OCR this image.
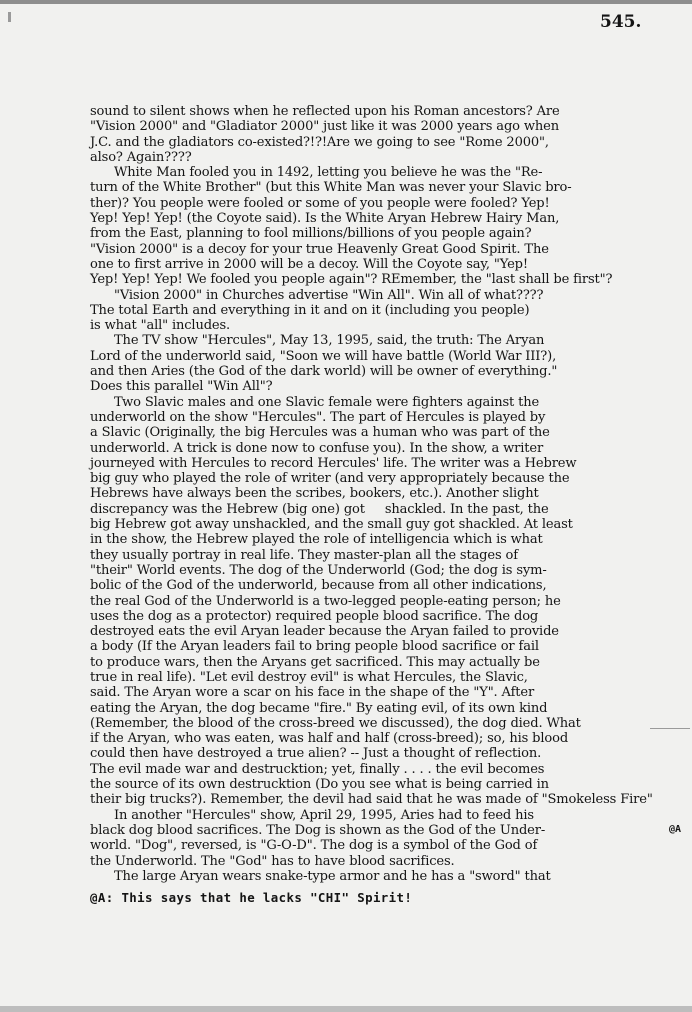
545.
sound to silent shows when he reflected upon his Roman ancestors? Are
"Vision 2000" and "Gladiator 2000" just like it was 2000 years ago when
J.C. and the gladiators co-existed?!?!Are we going to see "Rome 2000",
also? Again????
White Man fooled you in 1492, letting you believe he was the "Re-
turn of the White Brother" (but this White Man was never your Slavic bro-
ther)? You people were fooled or some of you people were fooled? Yep!
Yep! Yep! Yep! (the Coyote said). Is the White Aryan Hebrew Hairy Man,
from the East, planning to fool millions/billions of you people again?
"Vision 2000" is a decoy for your true Heavenly Great Good Spirit. The
one to first arrive in 2000 will be a decoy. Will the Coyote say, "Yep!
Yep! Yep! Yep! We fooled you people again"? REmember, the "last shall be first"?
"Vision 2000" in Churches advertise "Win All". Win all of what????
The total Earth and everything in it and on it (including you people)
is what "all" includes.
The TV show "Hercules", May 13, 1995, said, the truth: The Aryan
Lord of the underworld said, "Soon we will have battle (World War III?),
and then Aries (the God of the dark world) will be owner of everything."
Does this parallel "Win All"?
Two Slavic males and one Slavic female were fighters against the
underworld on the show "Hercules". The part of Hercules is played by
a Slavic (Originally, the big Hercules was a human who was part of the
underworld. A trick is done now to confuse you). In the show, a writer
journeyed with Hercules to record Hercules' life. The writer was a Hebrew
big guy who played the role of writer (and very appropriately because the
Hebrews have always been the scribes, bookers, etc.). Another slight
discrepancy was the Hebrew (big one) got     shackled. In the past, the
big Hebrew got away unshackled, and the small guy got shackled. At least
in the show, the Hebrew played the role of intelligencia which is what
they usually portray in real life. They master-plan all the stages of
"their" World events. The dog of the Underworld (God; the dog is sym-
bolic of the God of the underworld, because from all other indications,
the real God of the Underworld is a two-legged people-eating person; he
uses the dog as a protector) required people blood sacrifice. The dog
destroyed eats the evil Aryan leader because the Aryan failed to provide
a body (If the Aryan leaders fail to bring people blood sacrifice or fail
to produce wars, then the Aryans get sacrificed. This may actually be
true in real life). "Let evil destroy evil" is what Hercules, the Slavic,
said. The Aryan wore a scar on his face in the shape of the "Y". After
eating the Aryan, the dog became "fire." By eating evil, of its own kind
(Remember, the blood of the cross-breed we discussed), the dog died. What
if the Aryan, who was eaten, was half and half (cross-breed); so, his blood
could then have destroyed a true alien? -- Just a thought of reflection.
The evil made war and destrucktion; yet, finally . . . . the evil becomes
the source of its own destrucktion (Do you see what is being carried in
their big trucks?). Remember, the devil had said that he was made of "Smokeless Fire"
In another "Hercules" show, April 29, 1995, Aries had to feed his
black dog blood sacrifices. The Dog is shown as the God of the Under-
world. "Dog", reversed, is "G-O-D". The dog is a symbol of the God of
the Underworld. The "God" has to have blood sacrifices.
The large Aryan wears snake-type armor and he has a "sword" that
@A
@A: This says that he lacks "CHI" Spirit!
